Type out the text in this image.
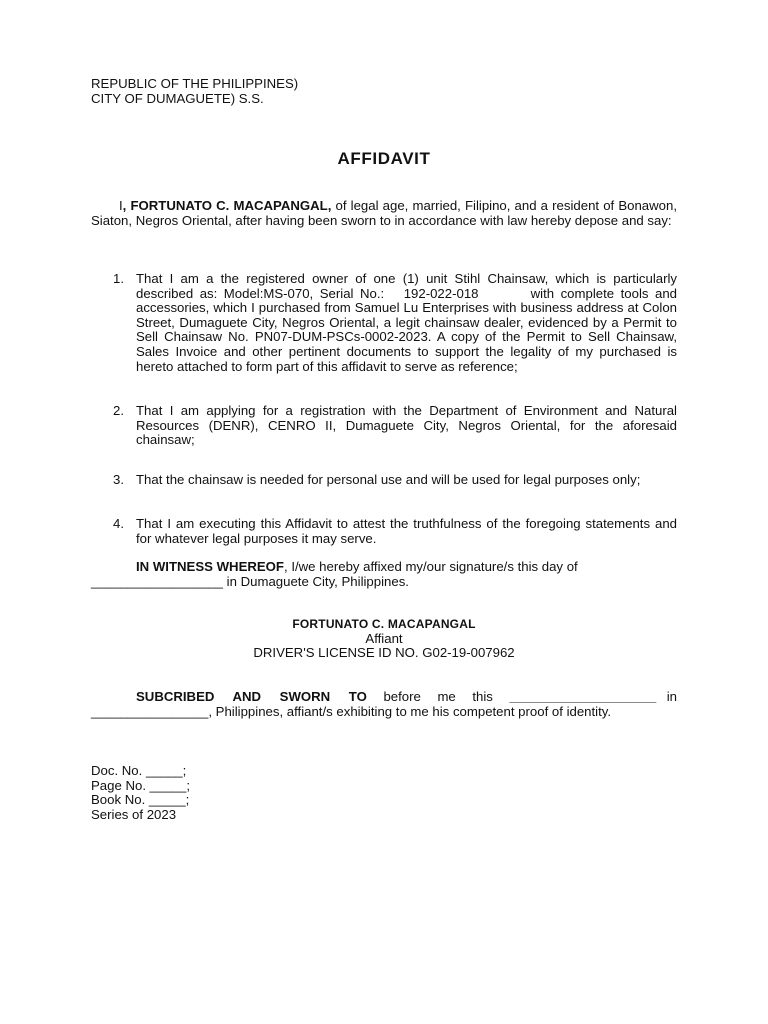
REPUBLIC OF THE PHILIPPINES)
CITY OF DUMAGUETE) S.S.
AFFIDAVIT
I, FORTUNATO C. MACAPANGAL, of legal age, married, Filipino, and a resident of Bonawon, Siaton, Negros Oriental, after having been sworn to in accordance with law hereby depose and say:
1. That I am a the registered owner of one (1) unit Stihl Chainsaw, which is particularly described as: Model:MS-070, Serial No.:   192-022-018        with complete tools and accessories, which I purchased from Samuel Lu Enterprises with business address at Colon Street, Dumaguete City, Negros Oriental, a legit chainsaw dealer, evidenced by a Permit to Sell Chainsaw No. PN07-DUM-PSCs-0002-2023. A copy of the Permit to Sell Chainsaw, Sales Invoice and other pertinent documents to support the legality of my purchased is hereto attached to form part of this affidavit to serve as reference;
2. That I am applying for a registration with the Department of Environment and Natural Resources (DENR), CENRO II, Dumaguete City, Negros Oriental, for the aforesaid chainsaw;
3. That the chainsaw is needed for personal use and will be used for legal purposes only;
4. That I am executing this Affidavit to attest the truthfulness of the foregoing statements and for whatever legal purposes it may serve.
IN WITNESS WHEREOF, I/we hereby affixed my/our signature/s this day of
__________________ in Dumaguete City, Philippines.
FORTUNATO C. MACAPANGAL
Affiant
DRIVER'S LICENSE ID NO. G02-19-007962
SUBCRIBED AND SWORN TO before me this ____________________ in ________________, Philippines, affiant/s exhibiting to me his competent proof of identity.
Doc. No. _____;
Page No. _____;
Book No. _____;
Series of 2023
